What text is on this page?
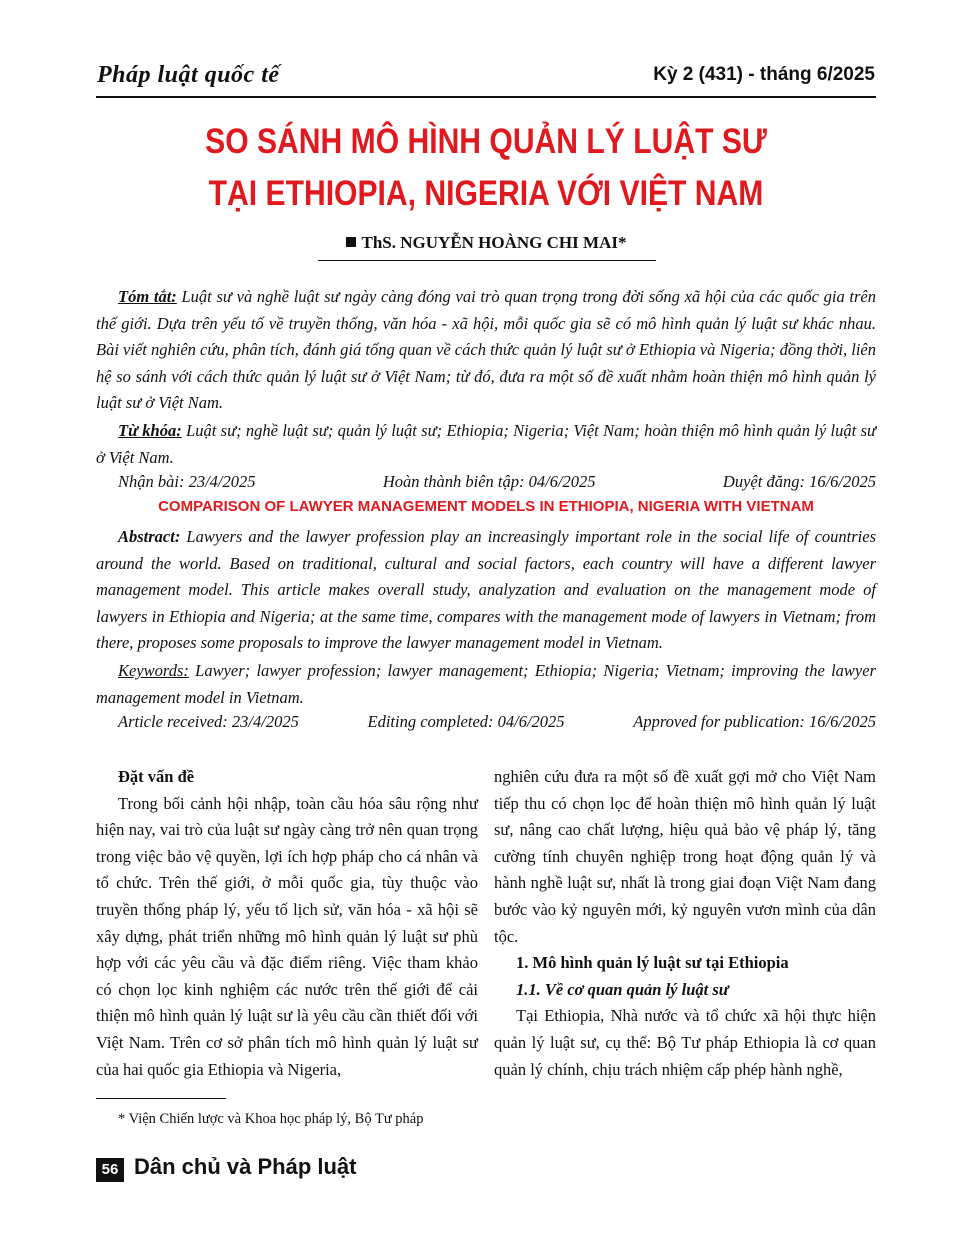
Pháp luật quốc tế	Kỳ 2 (431) - tháng 6/2025
SO SÁNH MÔ HÌNH QUẢN LÝ LUẬT SƯ
TẠI ETHIOPIA, NIGERIA VỚI VIỆT NAM
ThS. NGUYỄN HOÀNG CHI MAI*
Tóm tắt: Luật sư và nghề luật sư ngày càng đóng vai trò quan trọng trong đời sống xã hội của các quốc gia trên thế giới. Dựa trên yếu tố về truyền thống, văn hóa - xã hội, mỗi quốc gia sẽ có mô hình quản lý luật sư khác nhau. Bài viết nghiên cứu, phân tích, đánh giá tổng quan về cách thức quản lý luật sư ở Ethiopia và Nigeria; đồng thời, liên hệ so sánh với cách thức quản lý luật sư ở Việt Nam; từ đó, đưa ra một số đề xuất nhằm hoàn thiện mô hình quản lý luật sư ở Việt Nam.
Từ khóa: Luật sư; nghề luật sư; quản lý luật sư; Ethiopia; Nigeria; Việt Nam; hoàn thiện mô hình quản lý luật sư ở Việt Nam.
Nhận bài: 23/4/2025	Hoàn thành biên tập: 04/6/2025	Duyệt đăng: 16/6/2025
COMPARISON OF LAWYER MANAGEMENT MODELS IN ETHIOPIA, NIGERIA WITH VIETNAM
Abstract: Lawyers and the lawyer profession play an increasingly important role in the social life of countries around the world. Based on traditional, cultural and social factors, each country will have a different lawyer management model. This article makes overall study, analyzation and evaluation on the management mode of lawyers in Ethiopia and Nigeria; at the same time, compares with the management mode of lawyers in Vietnam; from there, proposes some proposals to improve the lawyer management model in Vietnam.
Keywords: Lawyer; lawyer profession; lawyer management; Ethiopia; Nigeria; Vietnam; improving the lawyer management model in Vietnam.
Article received: 23/4/2025	Editing completed: 04/6/2025	Approved for publication: 16/6/2025

Đặt vấn đề

Trong bối cảnh hội nhập, toàn cầu hóa sâu rộng như hiện nay, vai trò của luật sư ngày càng trở nên quan trọng trong việc bảo vệ quyền, lợi ích hợp pháp cho cá nhân và tổ chức. Trên thế giới, ở mỗi quốc gia, tùy thuộc vào truyền thống pháp lý, yếu tố lịch sử, văn hóa - xã hội sẽ xây dựng, phát triển những mô hình quản lý luật sư phù hợp với các yêu cầu và đặc điểm riêng. Việc tham khảo có chọn lọc kinh nghiệm các nước trên thế giới để cải thiện mô hình quản lý luật sư là yêu cầu cần thiết đối với Việt Nam. Trên cơ sở phân tích mô hình quản lý luật sư của hai quốc gia Ethiopia và Nigeria,

nghiên cứu đưa ra một số đề xuất gợi mở cho Việt Nam tiếp thu có chọn lọc để hoàn thiện mô hình quản lý luật sư, nâng cao chất lượng, hiệu quả bảo vệ pháp lý, tăng cường tính chuyên nghiệp trong hoạt động quản lý và hành nghề luật sư, nhất là trong giai đoạn Việt Nam đang bước vào kỷ nguyên mới, kỷ nguyên vươn mình của dân tộc.

1. Mô hình quản lý luật sư tại Ethiopia

1.1. Về cơ quan quản lý luật sư

Tại Ethiopia, Nhà nước và tổ chức xã hội thực hiện quản lý luật sư, cụ thể: Bộ Tư pháp Ethiopia là cơ quan quản lý chính, chịu trách nhiệm cấp phép hành nghề,

* Viện Chiến lược và Khoa học pháp lý, Bộ Tư pháp
56 Dân chủ và Pháp luật
